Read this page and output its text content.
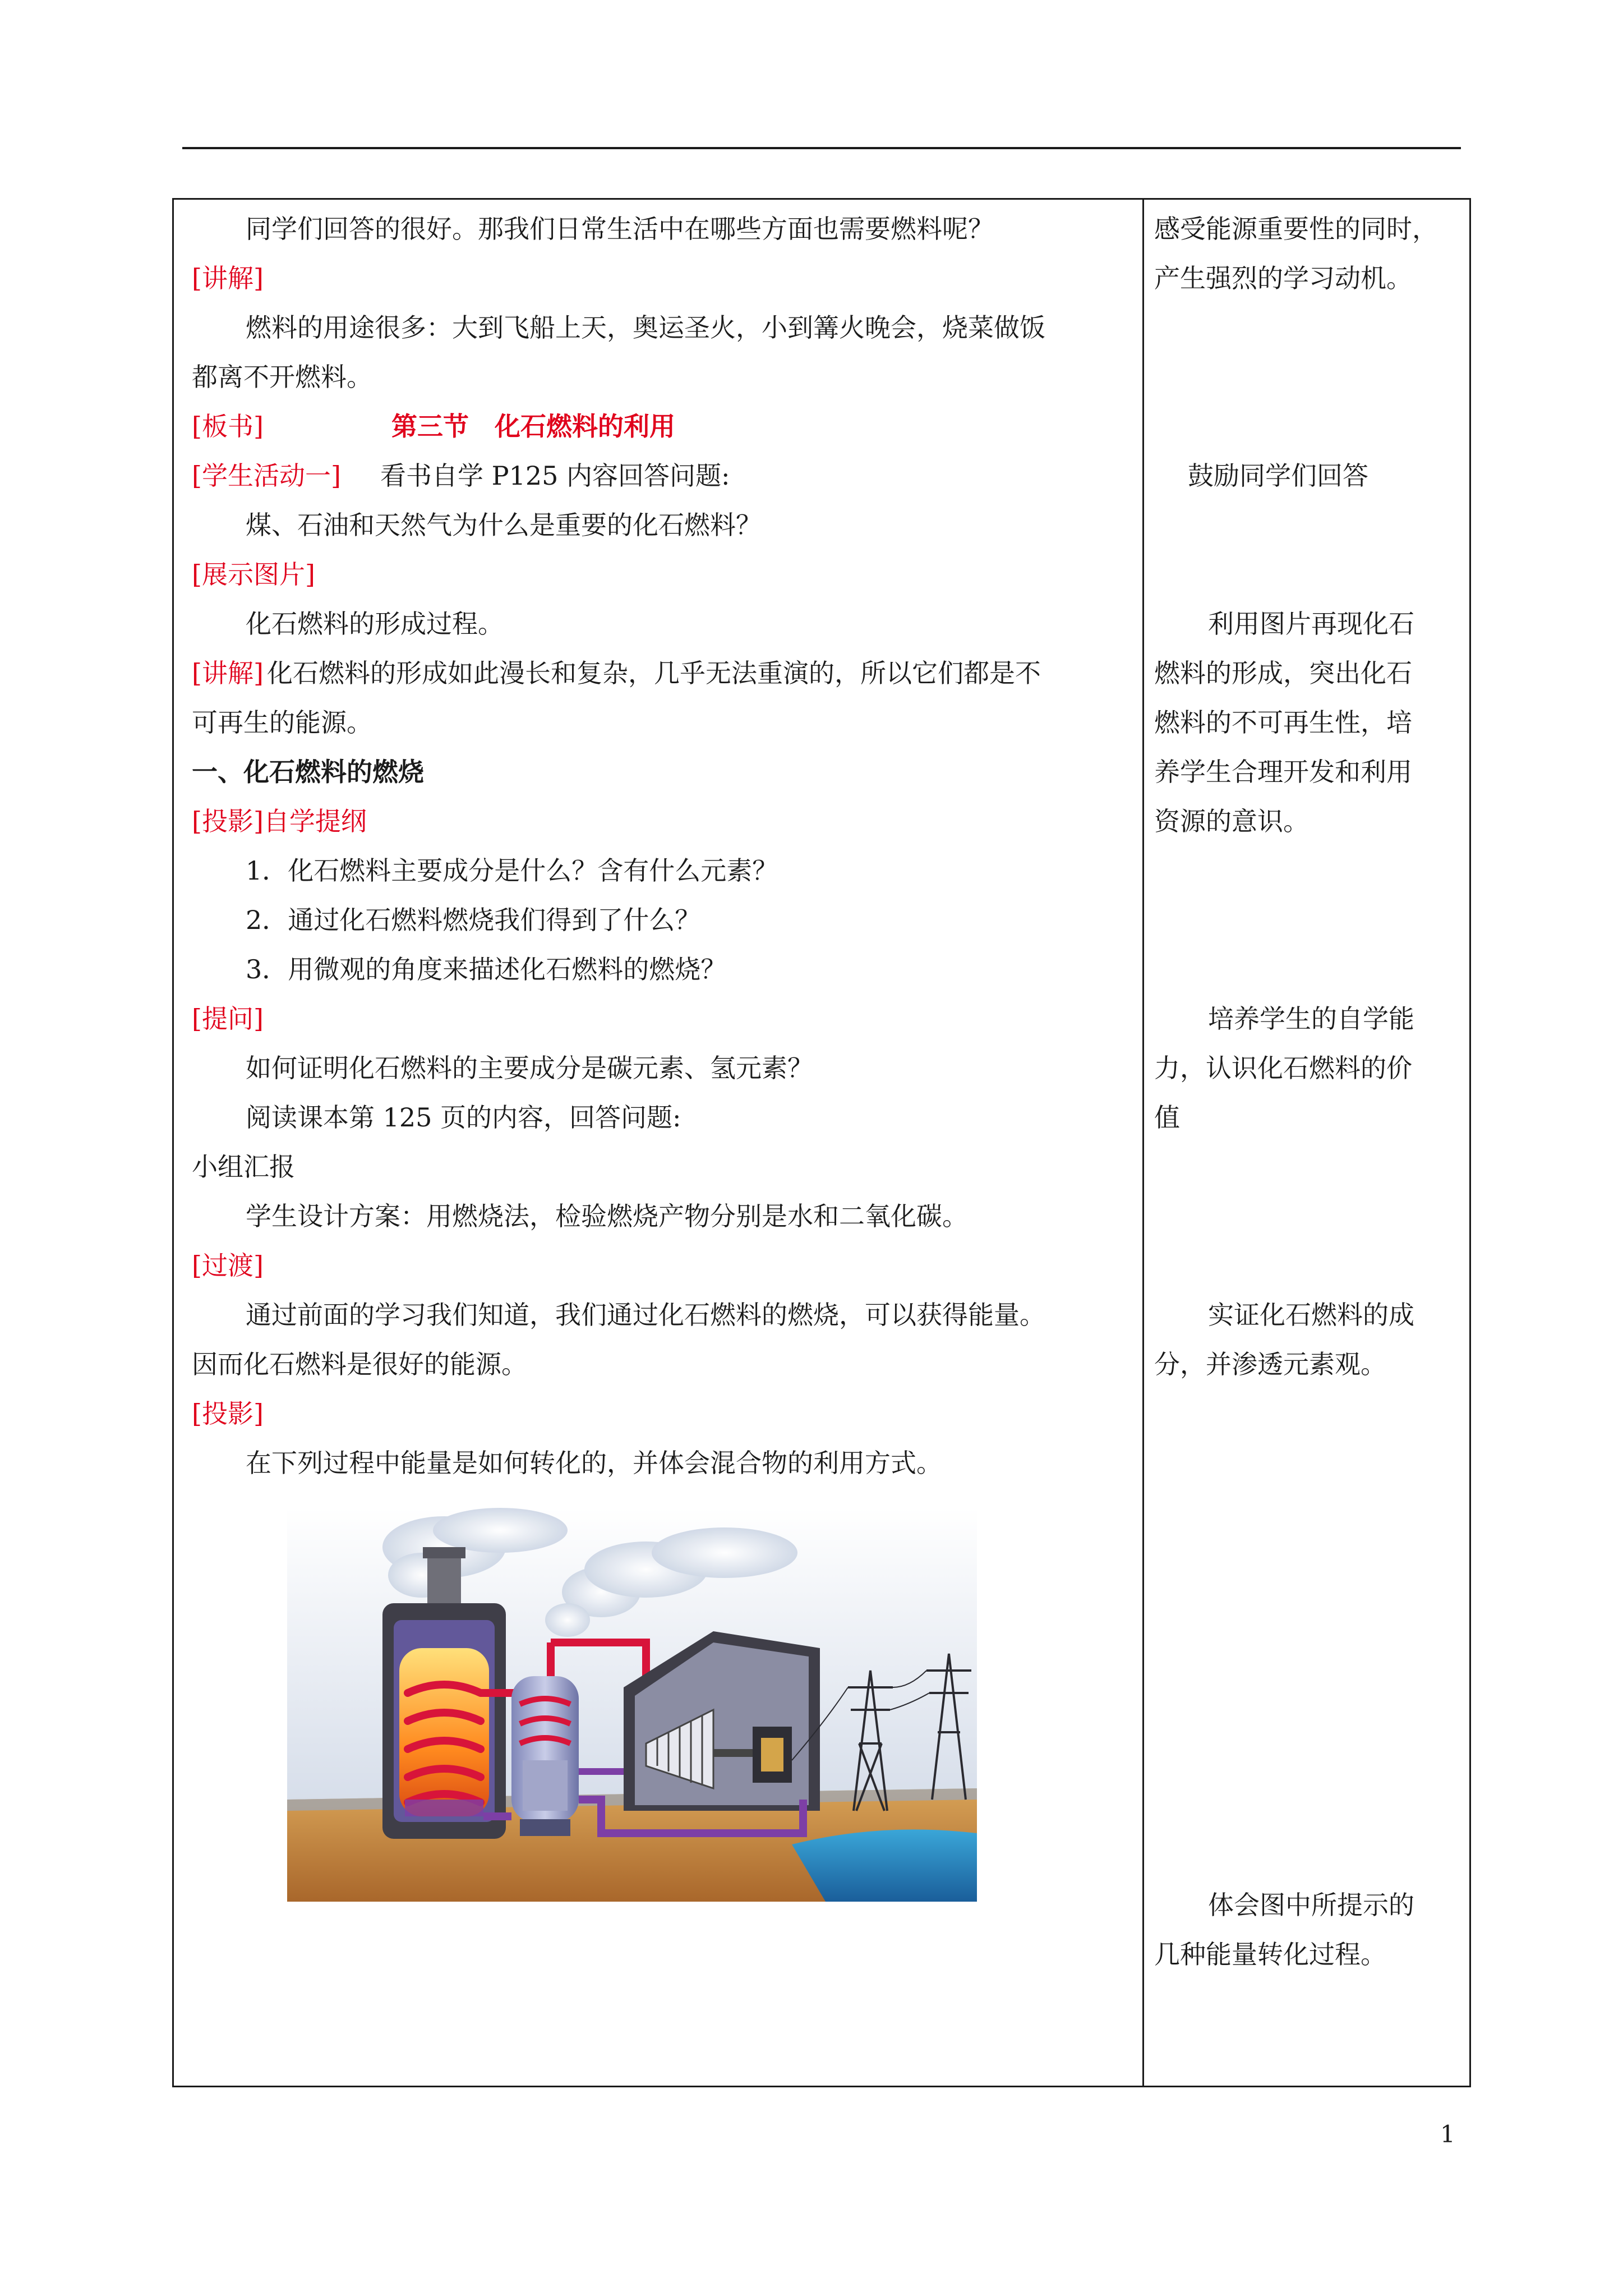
同学们回答的很好。那我们日常生活中在哪些方面也需要燃料呢？
[讲解]
燃料的用途很多：大到飞船上天，奥运圣火，小到篝火晚会，烧菜做饭
都离不开燃料。
[板书]	第三节　化石燃料的利用
[学生活动一] 看书自学 P125 内容回答问题:
煤、石油和天然气为什么是重要的化石燃料？
[展示图片]
化石燃料的形成过程。
[讲解] 化石燃料的形成如此漫长和复杂，几乎无法重演的，所以它们都是不
可再生的能源。
一、化石燃料的燃烧
[投影]自学提纲
1．化石燃料主要成分是什么？含有什么元素？
2．通过化石燃料燃烧我们得到了什么？
3．用微观的角度来描述化石燃料的燃烧？
[提问]
如何证明化石燃料的主要成分是碳元素、氢元素？
阅读课本第 125 页的内容，回答问题:
小组汇报
学生设计方案：用燃烧法，检验燃烧产物分别是水和二氧化碳。
[过渡]
通过前面的学习我们知道，我们通过化石燃料的燃烧，可以获得能量。
因而化石燃料是很好的能源。
[投影]
在下列过程中能量是如何转化的，并体会混合物的利用方式。
感受能源重要性的同时，
产生强烈的学习动机。
鼓励同学们回答
利用图片再现化石
燃料的形成，突出化石
燃料的不可再生性，培
养学生合理开发和利用
资源的意识。
培养学生的自学能
力，认识化石燃料的价
值
实证化石燃料的成
分，并渗透元素观。
体会图中所提示的
几种能量转化过程。
1
